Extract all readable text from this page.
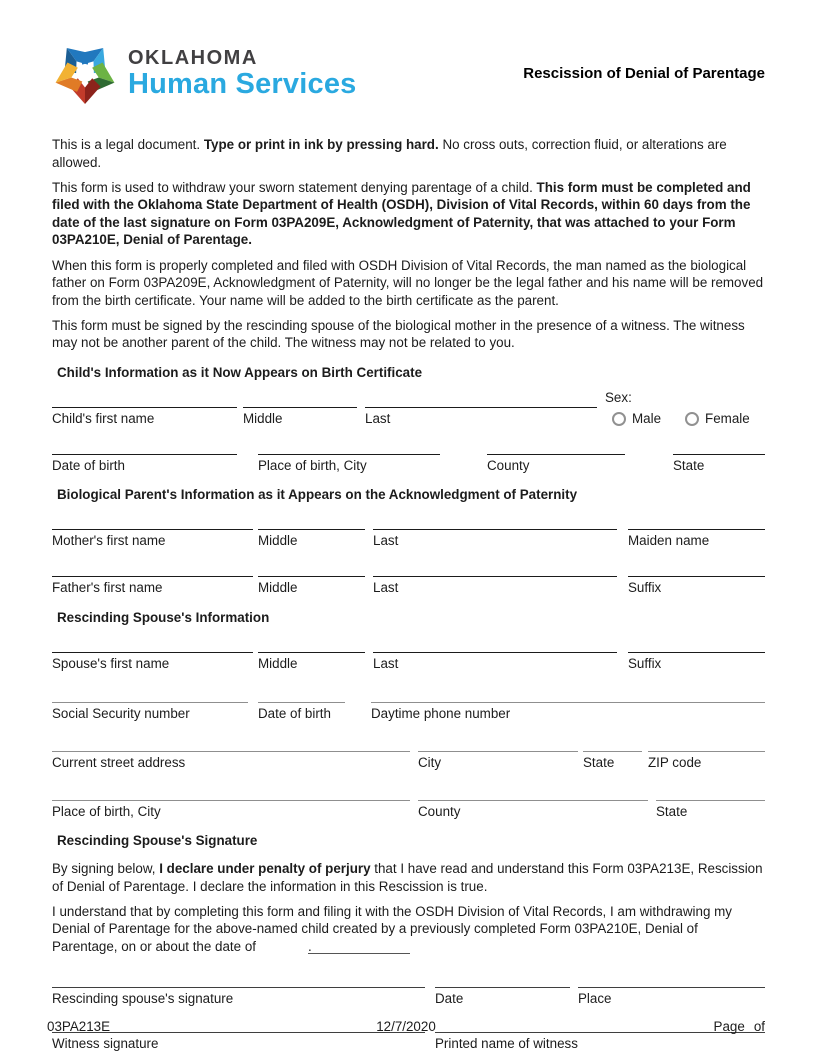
OKLAHOMA
Human Services	Rescission of Denial of Parentage

This is a legal document. Type or print in ink by pressing hard. No cross outs, correction fluid, or alterations are allowed.

This form is used to withdraw your sworn statement denying parentage of a child. This form must be completed and filed with the Oklahoma State Department of Health (OSDH), Division of Vital Records, within 60 days from the date of the last signature on Form 03PA209E, Acknowledgment of Paternity, that was attached to your Form 03PA210E, Denial of Parentage.

When this form is properly completed and filed with OSDH Division of Vital Records, the man named as the biological father on Form 03PA209E, Acknowledgment of Paternity, will no longer be the legal father and his name will be removed from the birth certificate. Your name will be added to the birth certificate as the parent.

This form must be signed by the rescinding spouse of the biological mother in the presence of a witness. The witness may not be another parent of the child. The witness may not be related to you.

Child's Information as it Now Appears on Birth Certificate
Child's first name	Middle	Last
Sex:
Male	Female
Date of birth	Place of birth, City	County	State
Biological Parent's Information as it Appears on the Acknowledgment of Paternity
Mother's first name	Middle	Last	Maiden name
Father's first name	Middle	Last	Suffix
Rescinding Spouse's Information
Spouse's first name	Middle	Last	Suffix
Social Security number	Date of birth	Daytime phone number
Current street address	City	State	ZIP code
Place of birth, City	County	State
Rescinding Spouse's Signature

By signing below, I declare under penalty of perjury that I have read and understand this Form 03PA213E, Rescission of Denial of Parentage. I declare the information in this Rescission is true.

I understand that by completing this form and filing it with the OSDH Division of Vital Records, I am withdrawing my Denial of Parentage for the above-named child created by a previously completed Form 03PA210E, Denial of Parentage, on or about the date of	.

Rescinding spouse's signature	Date	Place
Witness signature	Printed name of witness
03PA213E	12/7/2020	Page of
